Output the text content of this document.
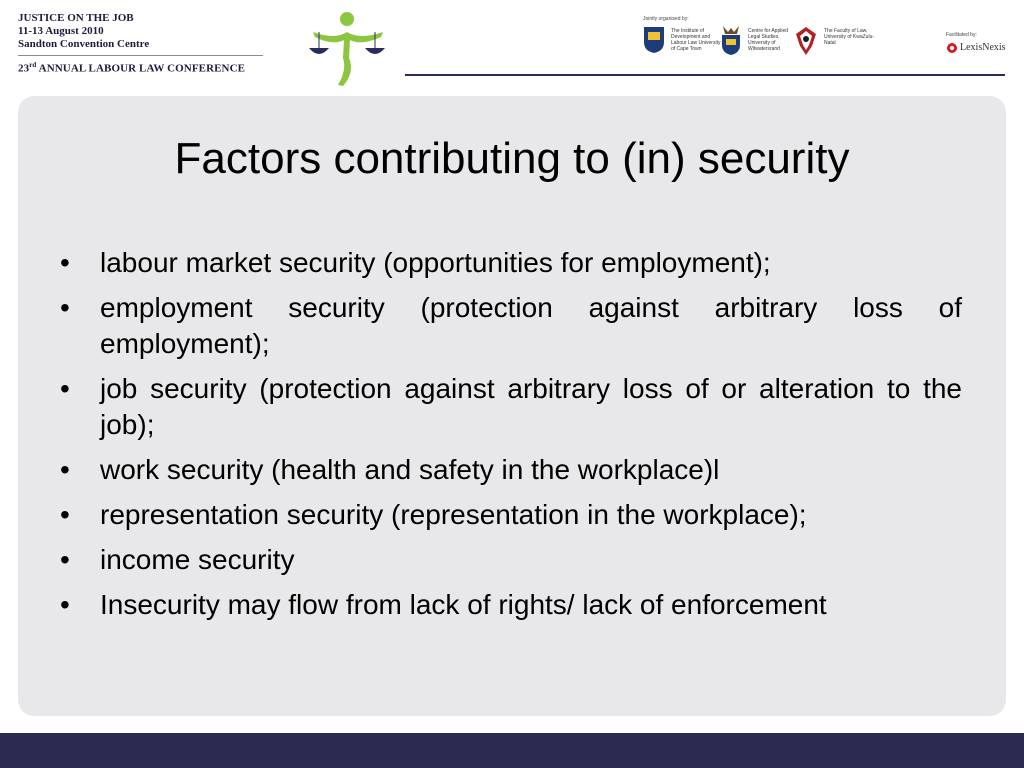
JUSTICE ON THE JOB
11-13 August 2010
Sandton Convention Centre
23rd ANNUAL LABOUR LAW CONFERENCE
Jointly organised by:
The Institute of Development and Labour Law University of Cape Town
Centre for Applied Legal Studies, University of Witwatersrand
The Faculty of Law, University of KwaZulu-Natal
Facilitated by:
LexisNexis
Factors contributing to (in) security
•	labour market security (opportunities for employment);
•	employment security (protection against arbitrary loss of employment);
•	job security (protection against arbitrary loss of or alteration to the job);
•	work security (health and safety in the workplace)l
•	representation security (representation in the workplace);
•	income security
•	Insecurity may flow from lack of rights/ lack of enforcement
